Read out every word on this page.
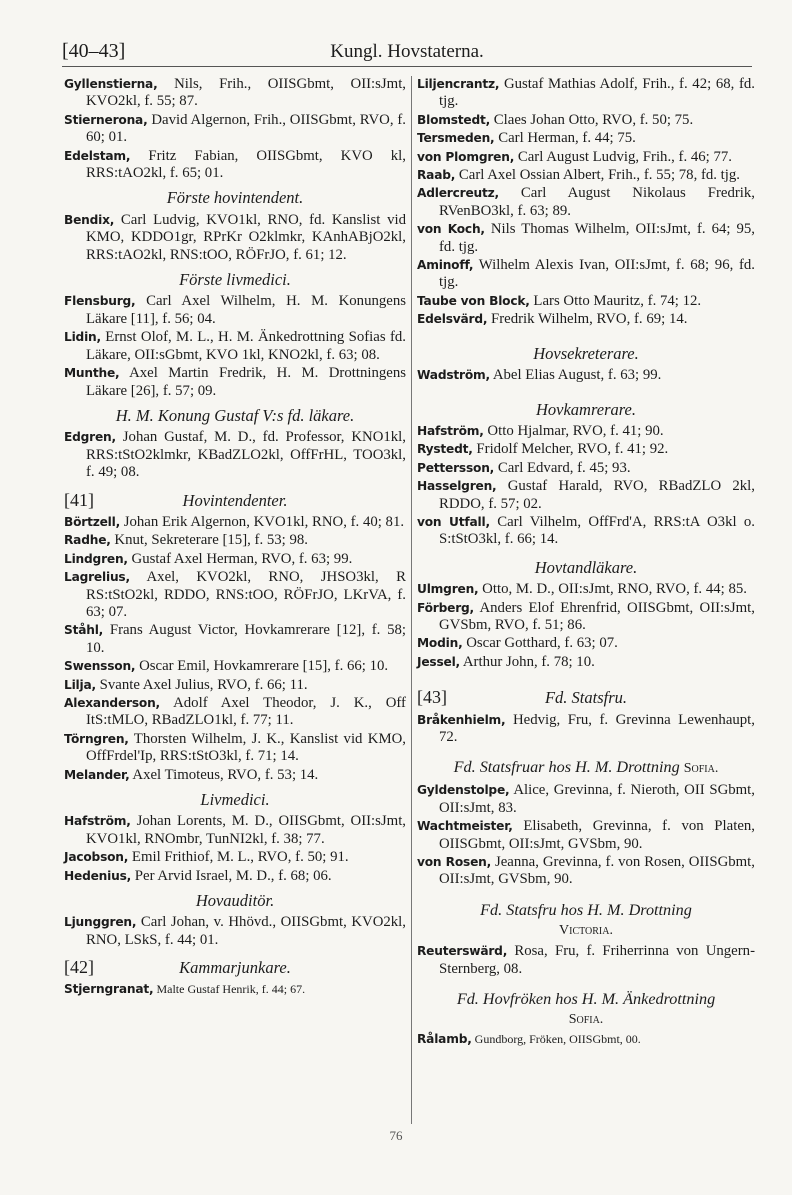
[40–43]	Kungl. Hovstaterna.

Gyllenstierna, Nils, Frih., OIISGbmt, OII:sJmt, KVO2kl, f. 55; 87.

Stiernerona, David Algernon, Frih., OIISGbmt, RVO, f. 60; 01.

Edelstam, Fritz Fabian, OIISGbmt, KVO kl, RRS:tAO2kl, f. 65; 01.

Förste hovintendent.

Bendix, Carl Ludvig, KVO1kl, RNO, fd. Kanslist vid KMO, KDDO1gr, RPrKr O2klmkr, KAnhABjO2kl, RRS:tAO2kl, RNS:tOO, RÖFrJO, f. 61; 12.

Förste livmedici.

Flensburg, Carl Axel Wilhelm, H. M. Konungens Läkare [11], f. 56; 04.

Lidin, Ernst Olof, M. L., H. M. Änkedrottning Sofias fd. Läkare, OII:sGbmt, KVO 1kl, KNO2kl, f. 63; 08.

Munthe, Axel Martin Fredrik, H. M. Drottningens Läkare [26], f. 57; 09.

H. M. Konung Gustaf V:s fd. läkare.

Edgren, Johan Gustaf, M. D., fd. Professor, KNO1kl, RRS:tStO2klmkr, KBadZLO2kl, OffFrHL, TOO3kl, f. 49; 08.

[41]	Hovintendenter.

Börtzell, Johan Erik Algernon, KVO1kl, RNO, f. 40; 81.

Radhe, Knut, Sekreterare [15], f. 53; 98.

Lindgren, Gustaf Axel Herman, RVO, f. 63; 99.

Lagrelius, Axel, KVO2kl, RNO, JHSO3kl, R RS:tStO2kl, RDDO, RNS:tOO, RÖFrJO, LKrVA, f. 63; 07.

Ståhl, Frans August Victor, Hovkamrerare [12], f. 58; 10.

Swensson, Oscar Emil, Hovkamrerare [15], f. 66; 10.

Lilja, Svante Axel Julius, RVO, f. 66; 11.

Alexanderson, Adolf Axel Theodor, J. K., Off ItS:tMLO, RBadZLO1kl, f. 77; 11.

Törngren, Thorsten Wilhelm, J. K., Kanslist vid KMO, OffFrdel'Ip, RRS:tStO3kl, f. 71; 14.

Melander, Axel Timoteus, RVO, f. 53; 14.

Livmedici.

Hafström, Johan Lorents, M. D., OIISGbmt, OII:sJmt, KVO1kl, RNOmbr, TunNI2kl, f. 38; 77.

Jacobson, Emil Frithiof, M. L., RVO, f. 50; 91.

Hedenius, Per Arvid Israel, M. D., f. 68; 06.

Hovauditör.

Ljunggren, Carl Johan, v. Hhövd., OIISGbmt, KVO2kl, RNO, LSkS, f. 44; 01.

[42]	Kammarjunkare.

Stjerngranat, Malte Gustaf Henrik, f. 44; 67.

Liljencrantz, Gustaf Mathias Adolf, Frih., f. 42; 68, fd. tjg.

Blomstedt, Claes Johan Otto, RVO, f. 50; 75.

Tersmeden, Carl Herman, f. 44; 75.

von Plomgren, Carl August Ludvig, Frih., f. 46; 77.

Raab, Carl Axel Ossian Albert, Frih., f. 55; 78, fd. tjg.

Adlercreutz, Carl August Nikolaus Fredrik, RVenBO3kl, f. 63; 89.

von Koch, Nils Thomas Wilhelm, OII:sJmt, f. 64; 95, fd. tjg.

Aminoff, Wilhelm Alexis Ivan, OII:sJmt, f. 68; 96, fd. tjg.

Taube von Block, Lars Otto Mauritz, f. 74; 12.

Edelsvärd, Fredrik Wilhelm, RVO, f. 69; 14.

Hovsekreterare.

Wadström, Abel Elias August, f. 63; 99.

Hovkamrerare.

Hafström, Otto Hjalmar, RVO, f. 41; 90.

Rystedt, Fridolf Melcher, RVO, f. 41; 92.

Pettersson, Carl Edvard, f. 45; 93.

Hasselgren, Gustaf Harald, RVO, RBadZLO 2kl, RDDO, f. 57; 02.

von Utfall, Carl Vilhelm, OffFrd'A, RRS:tA O3kl o. S:tStO3kl, f. 66; 14.

Hovtandläkare.

Ulmgren, Otto, M. D., OII:sJmt, RNO, RVO, f. 44; 85.

Förberg, Anders Elof Ehrenfrid, OIISGbmt, OII:sJmt, GVSbm, RVO, f. 51; 86.

Modin, Oscar Gotthard, f. 63; 07.

Jessel, Arthur John, f. 78; 10.

[43]	Fd. Statsfru.

Bråkenhielm, Hedvig, Fru, f. Grevinna Lewenhaupt, 72.

Fd. Statsfruar hos H. M. Drottning Sofia.

Gyldenstolpe, Alice, Grevinna, f. Nieroth, OII SGbmt, OII:sJmt, 83.

Wachtmeister, Elisabeth, Grevinna, f. von Platen, OIISGbmt, OII:sJmt, GVSbm, 90.

von Rosen, Jeanna, Grevinna, f. von Rosen, OIISGbmt, OII:sJmt, GVSbm, 90.

Fd. Statsfru hos H. M. Drottning
Victoria.

Reuterswärd, Rosa, Fru, f. Friherrinna von Ungern-Sternberg, 08.

Fd. Hovfröken hos H. M. Änkedrottning
Sofia.

Rålamb, Gundborg, Fröken, OIISGbmt, 00.

76
